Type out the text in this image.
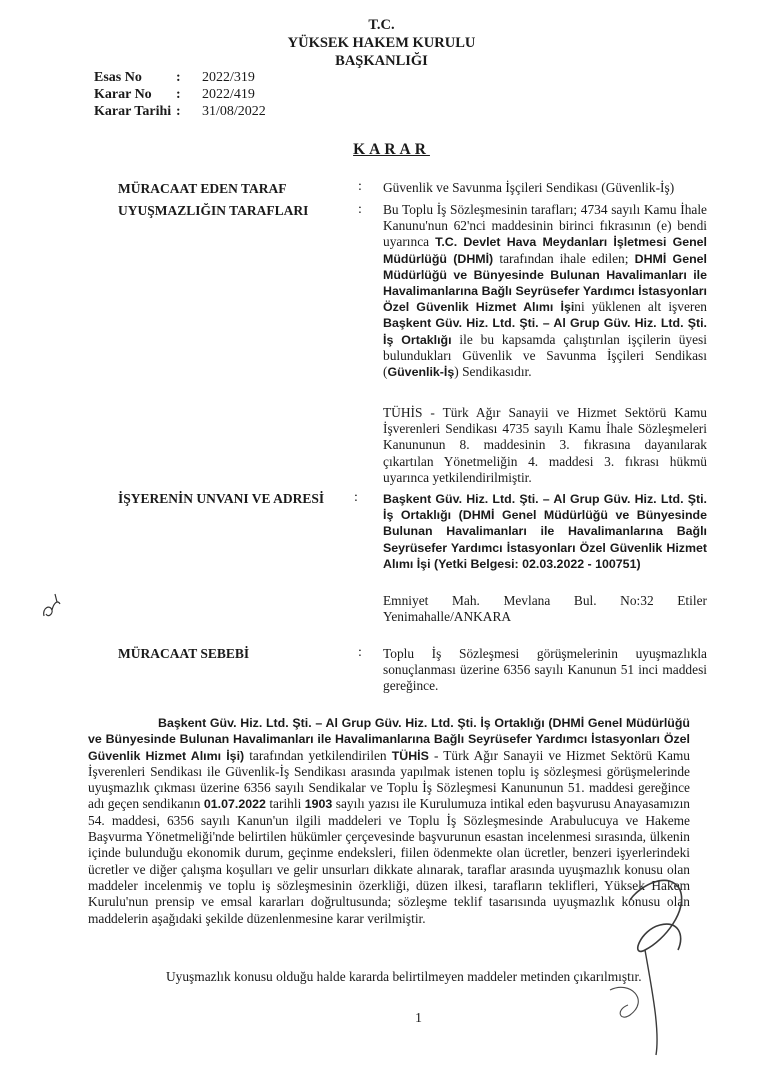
T.C.
YÜKSEK HAKEM KURULU
BAŞKANLIĞI
Esas No : 2022/319
Karar No : 2022/419
Karar Tarihi : 31/08/2022
KARAR
MÜRACAAT EDEN TARAF	: Güvenlik ve Savunma İşçileri Sendikası (Güvenlik-İş)
UYUŞMAZLIĞIN TARAFLARI	: Bu Toplu İş Sözleşmesinin tarafları; 4734 sayılı Kamu İhale Kanunu'nun 62'nci maddesinin birinci fıkrasının (e) bendi uyarınca T.C. Devlet Hava Meydanları İşletmesi Genel Müdürlüğü (DHMİ) tarafından ihale edilen; DHMİ Genel Müdürlüğü ve Bünyesinde Bulunan Havalimanları ile Havalimanlarına Bağlı Seyrüsefer Yardımcı İstasyonları Özel Güvenlik Hizmet Alımı İşini yüklenen alt işveren Başkent Güv. Hiz. Ltd. Şti. – Al Grup Güv. Hiz. Ltd. Şti. İş Ortaklığı ile bu kapsamda çalıştırılan işçilerin üyesi bulundukları Güvenlik ve Savunma İşçileri Sendikası (Güvenlik-İş) Sendikasıdır.
TÜHİS - Türk Ağır Sanayii ve Hizmet Sektörü Kamu İşverenleri Sendikası 4735 sayılı Kamu İhale Sözleşmeleri Kanununun 8. maddesinin 3. fıkrasına dayanılarak çıkartılan Yönetmeliğin 4. maddesi 3. fıkrası hükmü uyarınca yetkilendirilmiştir.
İŞYERENİN UNVANI VE ADRESİ : Başkent Güv. Hiz. Ltd. Şti. – Al Grup Güv. Hiz. Ltd. Şti. İş Ortaklığı (DHMİ Genel Müdürlüğü ve Bünyesinde Bulunan Havalimanları ile Havalimanlarına Bağlı Seyrüsefer Yardımcı İstasyonları Özel Güvenlik Hizmet Alımı İşi (Yetki Belgesi: 02.03.2022 - 100751)
Emniyet Mah. Mevlana Bul. No:32 Etiler Yenimahalle/ANKARA
MÜRACAAT SEBEBİ	: Toplu İş Sözleşmesi görüşmelerinin uyuşmazlıkla sonuçlanması üzerine 6356 sayılı Kanunun 51 inci maddesi gereğince.
Başkent Güv. Hiz. Ltd. Şti. – Al Grup Güv. Hiz. Ltd. Şti. İş Ortaklığı (DHMİ Genel Müdürlüğü ve Bünyesinde Bulunan Havalimanları ile Havalimanlarına Bağlı Seyrüsefer Yardımcı İstasyonları Özel Güvenlik Hizmet Alımı İşi) tarafından yetkilendirilen TÜHİS - Türk Ağır Sanayii ve Hizmet Sektörü Kamu İşverenleri Sendikası ile Güvenlik-İş Sendikası arasında yapılmak istenen toplu iş sözleşmesi görüşmelerinde uyuşmazlık çıkması üzerine 6356 sayılı Sendikalar ve Toplu İş Sözleşmesi Kanununun 51. maddesi gereğince adı geçen sendikanın 01.07.2022 tarihli 1903 sayılı yazısı ile Kurulumuza intikal eden başvurusu Anayasamızın 54. maddesi, 6356 sayılı Kanun'un ilgili maddeleri ve Toplu İş Sözleşmesinde Arabulucuya ve Hakeme Başvurma Yönetmeliği'nde belirtilen hükümler çerçevesinde başvurunun esastan incelenmesi sırasında, ülkenin içinde bulunduğu ekonomik durum, geçinme endeksleri, fiilen ödenmekte olan ücretler, benzeri işyerlerindeki ücretler ve diğer çalışma koşulları ve gelir unsurları dikkate alınarak, taraflar arasında uyuşmazlık konusu olan maddeler incelenmiş ve toplu iş sözleşmesinin özerkliği, düzen ilkesi, tarafların teklifleri, Yüksek Hakem Kurulu'nun prensip ve emsal kararları doğrultusunda; sözleşme teklif tasarısında uyuşmazlık konusu olan maddelerin aşağıdaki şekilde düzenlenmesine karar verilmiştir.
Uyuşmazlık konusu olduğu halde kararda belirtilmeyen maddeler metinden çıkarılmıştır.
1
